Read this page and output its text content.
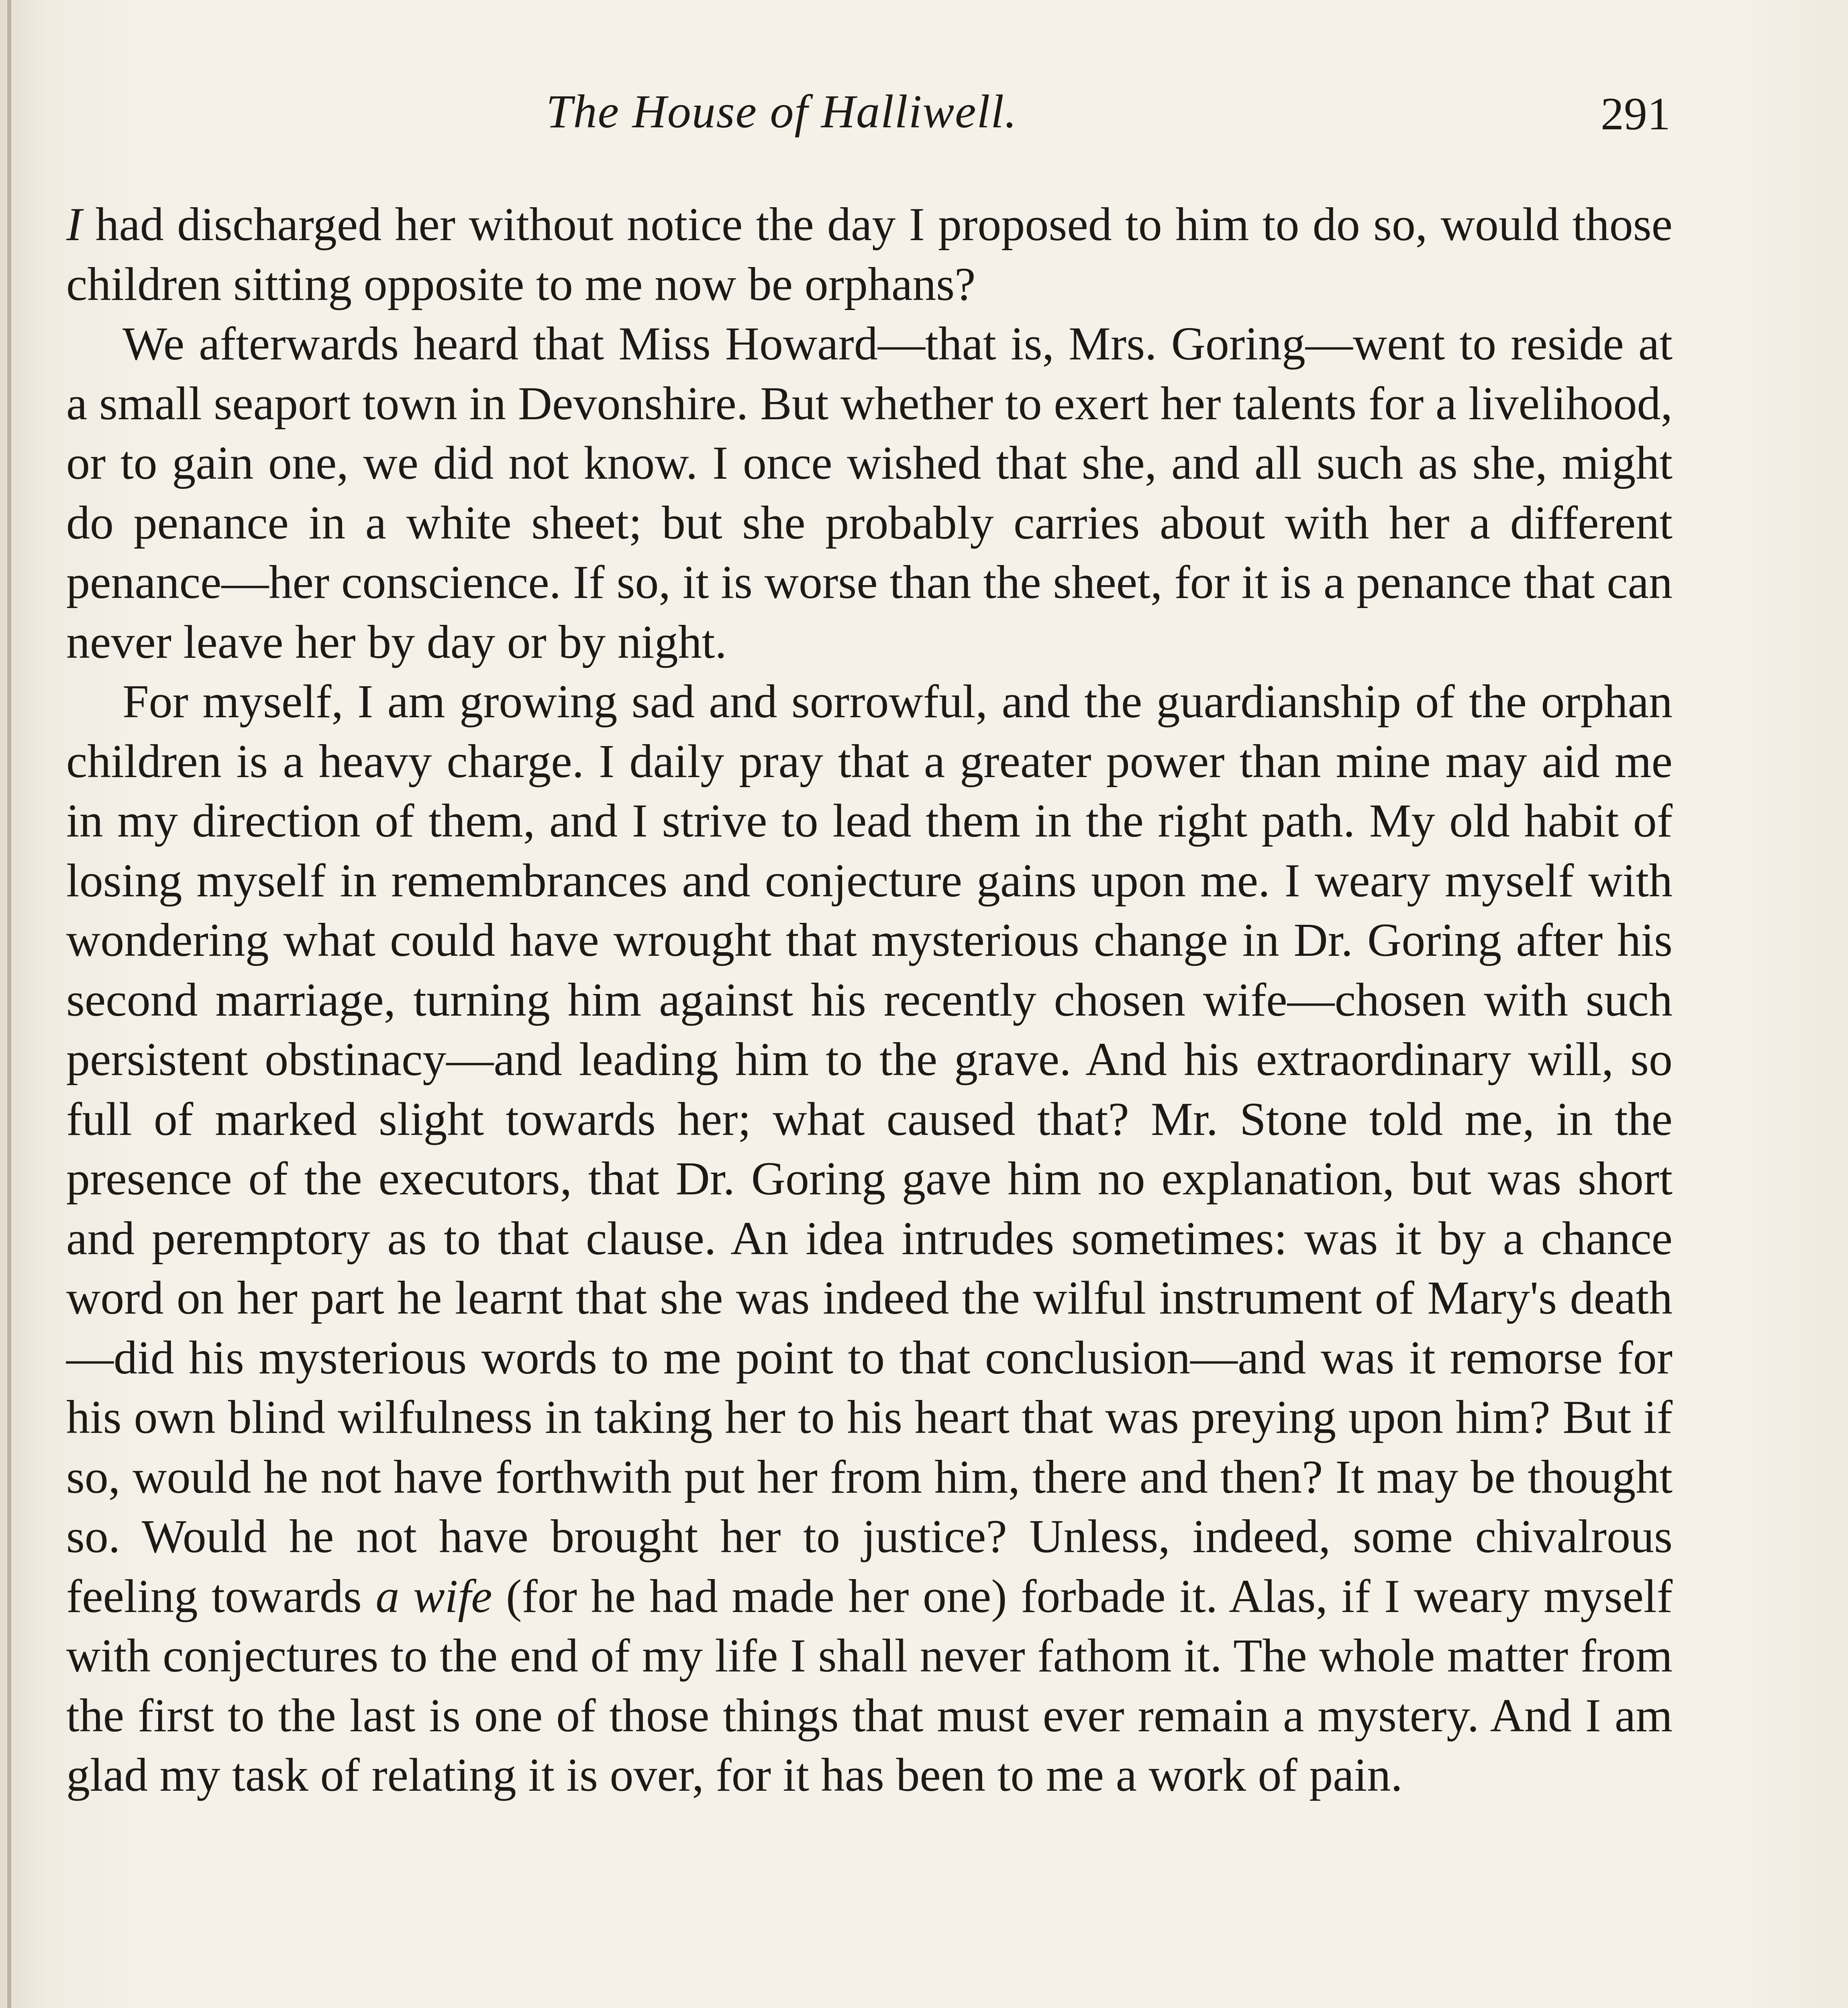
The House of Halliwell.	291

I had discharged her without notice the day I proposed to him to do so, would those children sitting opposite to me now be orphans?

We afterwards heard that Miss Howard—that is, Mrs. Goring—went to reside at a small seaport town in Devonshire. But whether to exert her talents for a livelihood, or to gain one, we did not know. I once wished that she, and all such as she, might do penance in a white sheet; but she probably carries about with her a different penance—her conscience. If so, it is worse than the sheet, for it is a penance that can never leave her by day or by night.

For myself, I am growing sad and sorrowful, and the guardianship of the orphan children is a heavy charge. I daily pray that a greater power than mine may aid me in my direction of them, and I strive to lead them in the right path. My old habit of losing myself in remembrances and conjecture gains upon me. I weary myself with wondering what could have wrought that mysterious change in Dr. Goring after his second marriage, turning him against his recently chosen wife—chosen with such persistent obstinacy—and leading him to the grave. And his extraordinary will, so full of marked slight towards her; what caused that? Mr. Stone told me, in the presence of the executors, that Dr. Goring gave him no explanation, but was short and peremptory as to that clause. An idea intrudes sometimes: was it by a chance word on her part he learnt that she was indeed the wilful instrument of Mary's death—did his mysterious words to me point to that conclusion—and was it remorse for his own blind wilfulness in taking her to his heart that was preying upon him? But if so, would he not have forthwith put her from him, there and then? It may be thought so. Would he not have brought her to justice? Unless, indeed, some chivalrous feeling towards a wife (for he had made her one) forbade it. Alas, if I weary myself with conjectures to the end of my life I shall never fathom it. The whole matter from the first to the last is one of those things that must ever remain a mystery. And I am glad my task of relating it is over, for it has been to me a work of pain.
